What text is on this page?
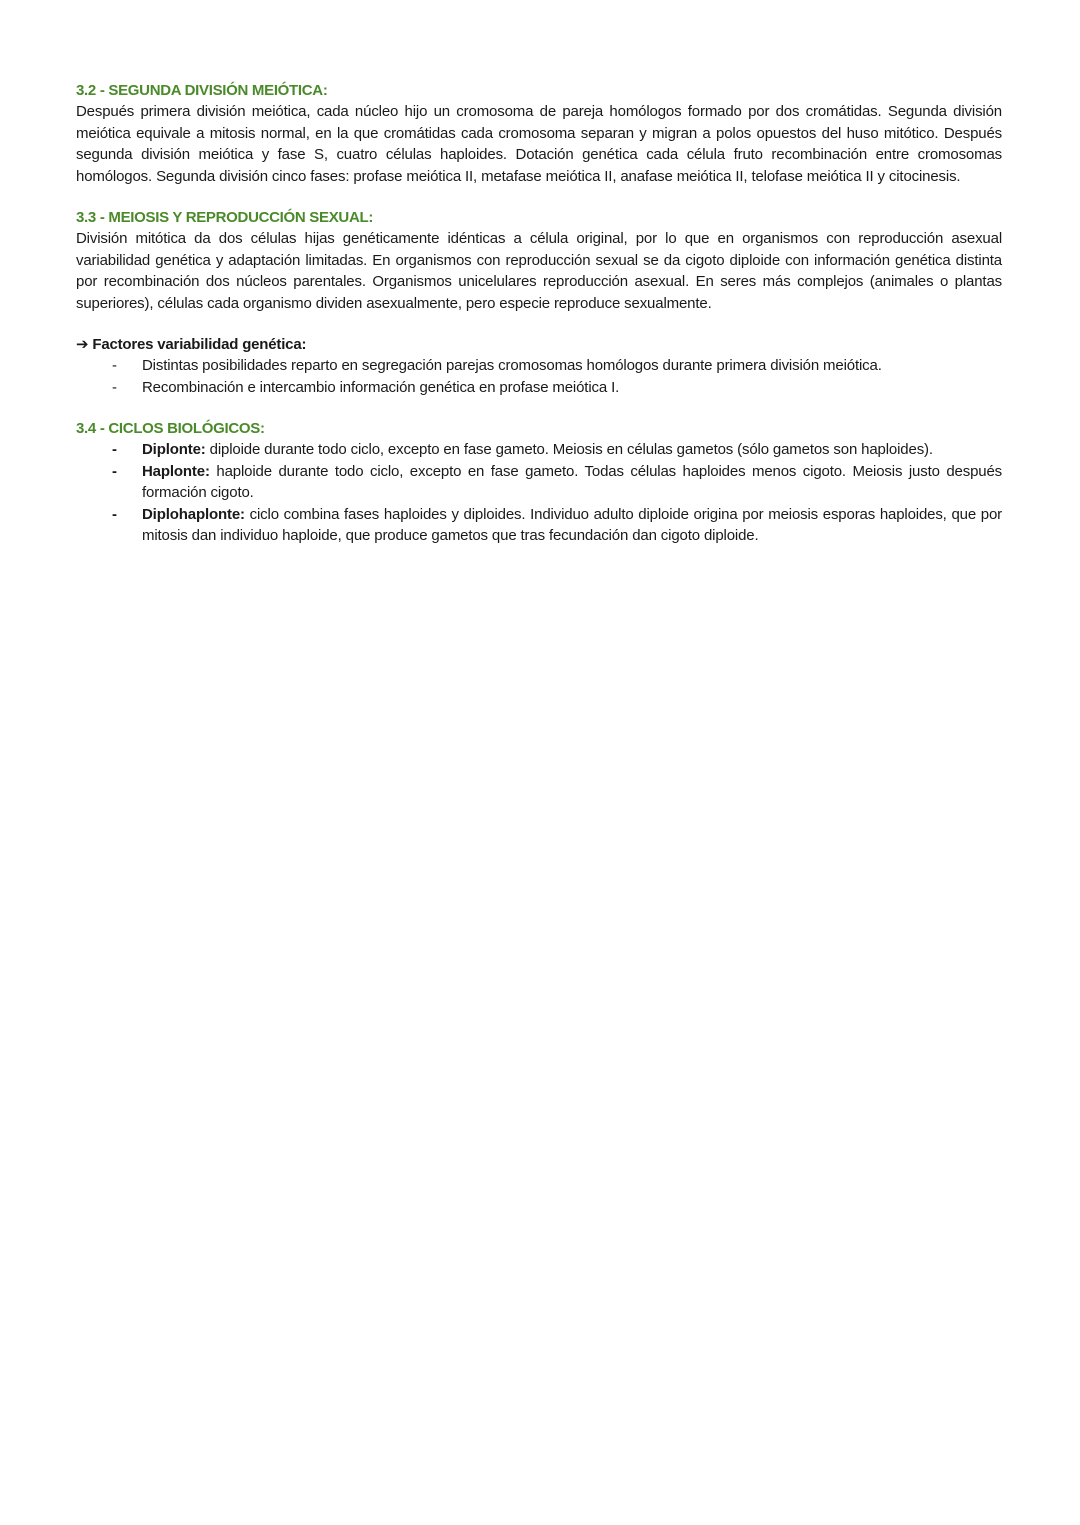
3.2 - SEGUNDA DIVISIÓN MEIÓTICA:

Después primera división meiótica, cada núcleo hijo un cromosoma de pareja homólogos formado por dos cromátidas. Segunda división meiótica equivale a mitosis normal, en la que cromátidas cada cromosoma separan y migran a polos opuestos del huso mitótico. Después segunda división meiótica y fase S, cuatro células haploides. Dotación genética cada célula fruto recombinación entre cromosomas homólogos. Segunda división cinco fases: profase meiótica II, metafase meiótica II, anafase meiótica II, telofase meiótica II y citocinesis.

3.3 - MEIOSIS Y REPRODUCCIÓN SEXUAL:

División mitótica da dos células hijas genéticamente idénticas a célula original, por lo que en organismos con reproducción asexual variabilidad genética y adaptación limitadas. En organismos con reproducción sexual se da cigoto diploide con información genética distinta por recombinación dos núcleos parentales. Organismos unicelulares reproducción asexual. En seres más complejos (animales o plantas superiores), células cada organismo dividen asexualmente, pero especie reproduce sexualmente.

➔ Factores variabilidad genética:

- Distintas posibilidades reparto en segregación parejas cromosomas homólogos durante primera división meiótica.
- Recombinación e intercambio información genética en profase meiótica I.
3.4 - CICLOS BIOLÓGICOS:
- Diplonte: diploide durante todo ciclo, excepto en fase gameto. Meiosis en células gametos (sólo gametos son haploides).
- Haplonte: haploide durante todo ciclo, excepto en fase gameto. Todas células haploides menos cigoto. Meiosis justo después formación cigoto.
- Diplohaplonte: ciclo combina fases haploides y diploides. Individuo adulto diploide origina por meiosis esporas haploides, que por mitosis dan individuo haploide, que produce gametos que tras fecundación dan cigoto diploide.
